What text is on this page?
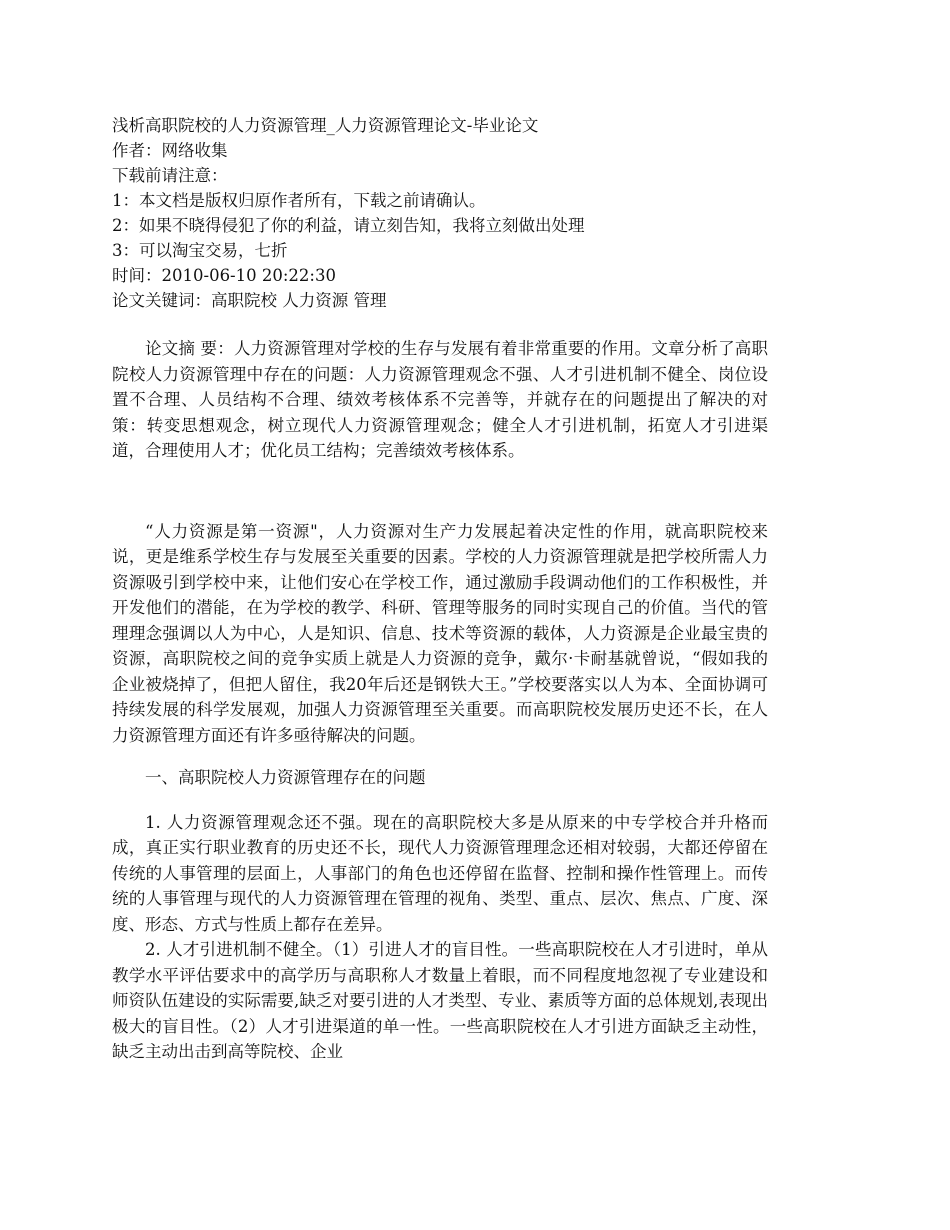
浅析高职院校的人力资源管理_人力资源管理论文-毕业论文
作者：网络收集
下载前请注意：
1：本文档是版权归原作者所有，下载之前请确认。
2：如果不晓得侵犯了你的利益，请立刻告知，我将立刻做出处理
3：可以淘宝交易，七折
时间：2010-06-10 20:22:30
论文关键词：高职院校 人力资源 管理

论文摘 要：人力资源管理对学校的生存与发展有着非常重要的作用。文章分析了高职院校人力资源管理中存在的问题：人力资源管理观念不强、人才引进机制不健全、岗位设置不合理、人员结构不合理、绩效考核体系不完善等，并就存在的问题提出了解决的对策：转变思想观念，树立现代人力资源管理观念；健全人才引进机制，拓宽人才引进渠道，合理使用人才；优化员工结构；完善绩效考核体系。

“人力资源是第一资源"，人力资源对生产力发展起着决定性的作用，就高职院校来说，更是维系学校生存与发展至关重要的因素。学校的人力资源管理就是把学校所需人力资源吸引到学校中来，让他们安心在学校工作，通过激励手段调动他们的工作积极性，并开发他们的潜能，在为学校的教学、科研、管理等服务的同时实现自己的价值。当代的管理理念强调以人为中心，人是知识、信息、技术等资源的载体，人力资源是企业最宝贵的资源，高职院校之间的竞争实质上就是人力资源的竞争，戴尔·卡耐基就曾说，“假如我的企业被烧掉了，但把人留住，我20年后还是钢铁大王。”学校要落实以人为本、全面协调可持续发展的科学发展观，加强人力资源管理至关重要。而高职院校发展历史还不长，在人力资源管理方面还有许多亟待解决的问题。

一、高职院校人力资源管理存在的问题

1. 人力资源管理观念还不强。现在的高职院校大多是从原来的中专学校合并升格而成，真正实行职业教育的历史还不长，现代人力资源管理理念还相对较弱，大都还停留在传统的人事管理的层面上，人事部门的角色也还停留在监督、控制和操作性管理上。而传统的人事管理与现代的人力资源管理在管理的视角、类型、重点、层次、焦点、广度、深度、形态、方式与性质上都存在差异。

2. 人才引进机制不健全。（1）引进人才的盲目性。一些高职院校在人才引进时，单从教学水平评估要求中的高学历与高职称人才数量上着眼，而不同程度地忽视了专业建设和师资队伍建设的实际需要,缺乏对要引进的人才类型、专业、素质等方面的总体规划,表现出极大的盲目性。（2）人才引进渠道的单一性。一些高职院校在人才引进方面缺乏主动性，缺乏主动出击到高等院校、企业
